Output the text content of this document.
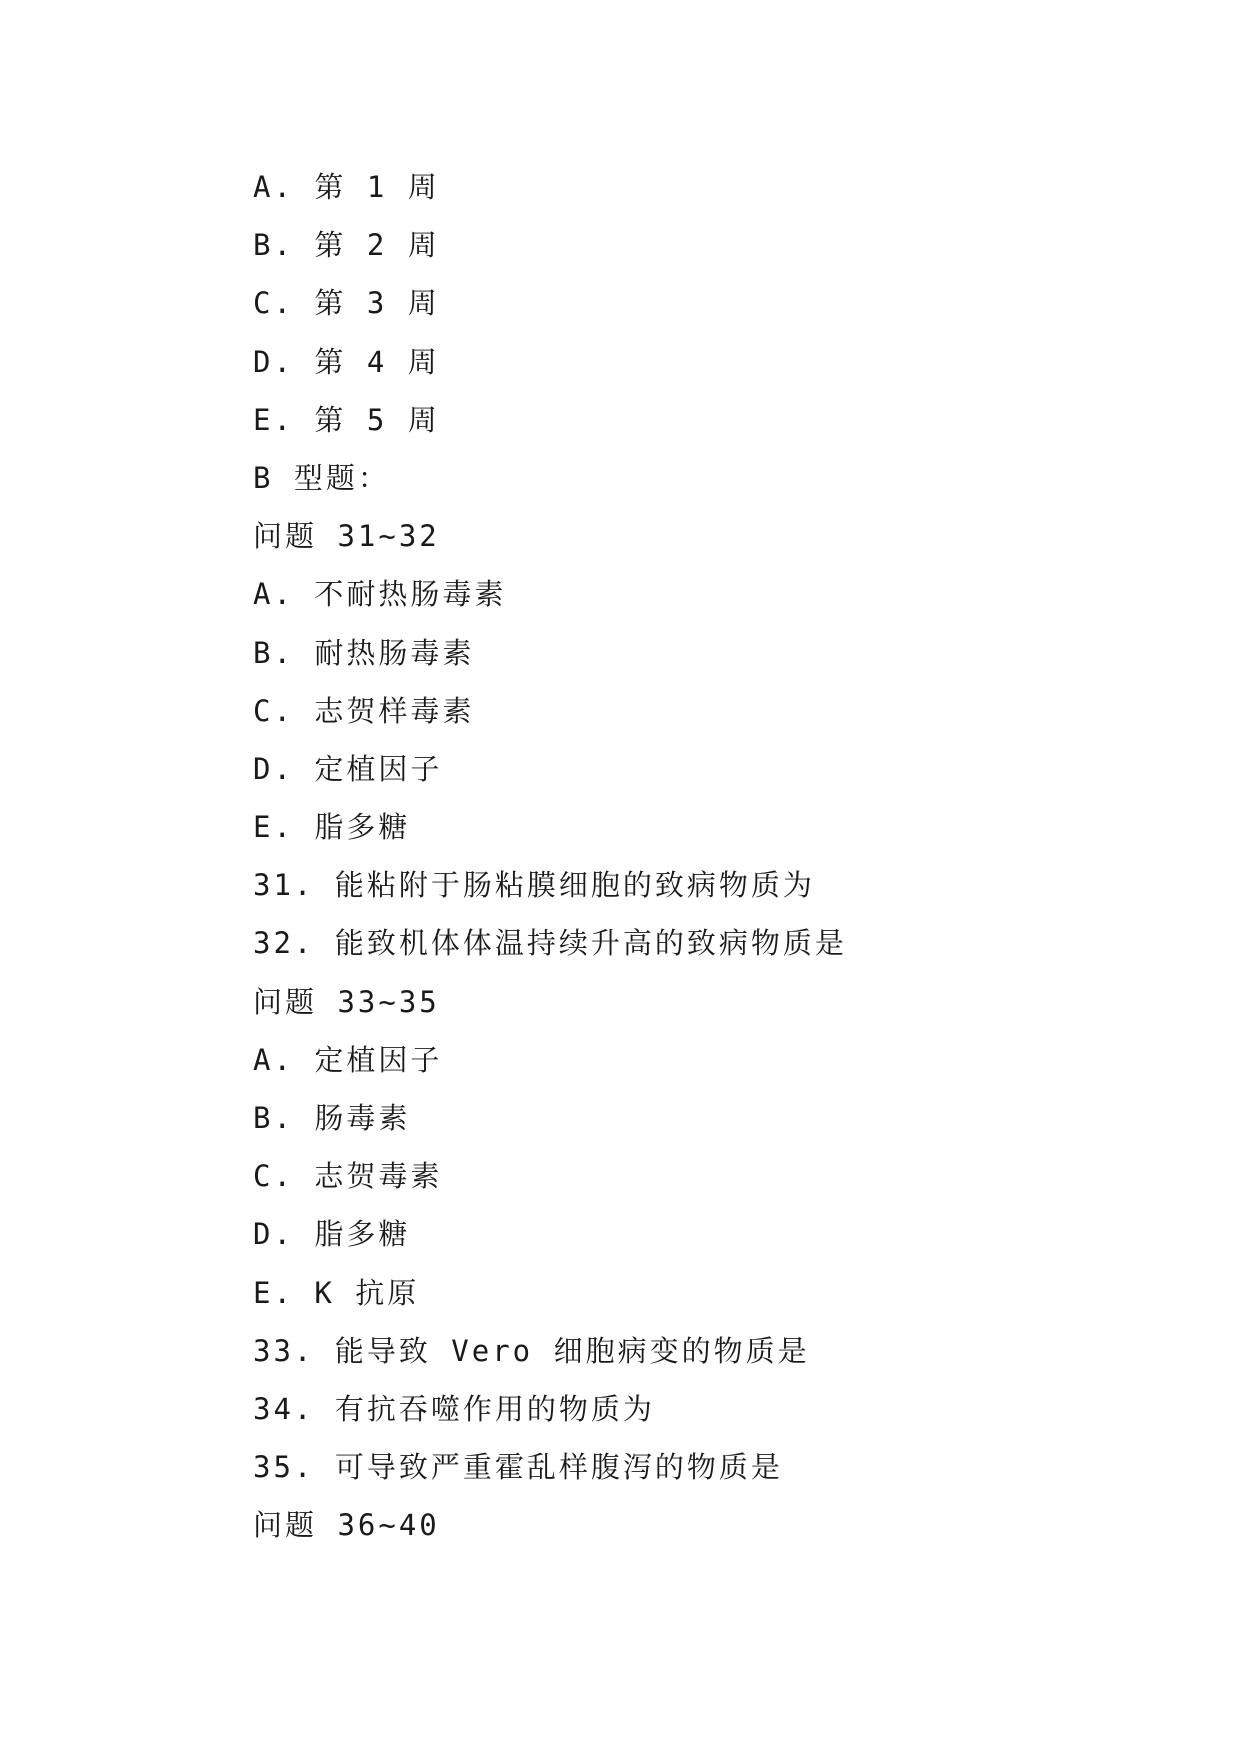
A. 第 1 周
B. 第 2 周
C. 第 3 周
D. 第 4 周
E. 第 5 周
B 型题：
问题 31~32
A. 不耐热肠毒素
B. 耐热肠毒素
C. 志贺样毒素
D. 定植因子
E. 脂多糖
31. 能粘附于肠粘膜细胞的致病物质为
32. 能致机体体温持续升高的致病物质是
问题 33~35
A. 定植因子
B. 肠毒素
C. 志贺毒素
D. 脂多糖
E. K 抗原
33. 能导致 Vero 细胞病变的物质是
34. 有抗吞噬作用的物质为
35. 可导致严重霍乱样腹泻的物质是
问题 36~40
